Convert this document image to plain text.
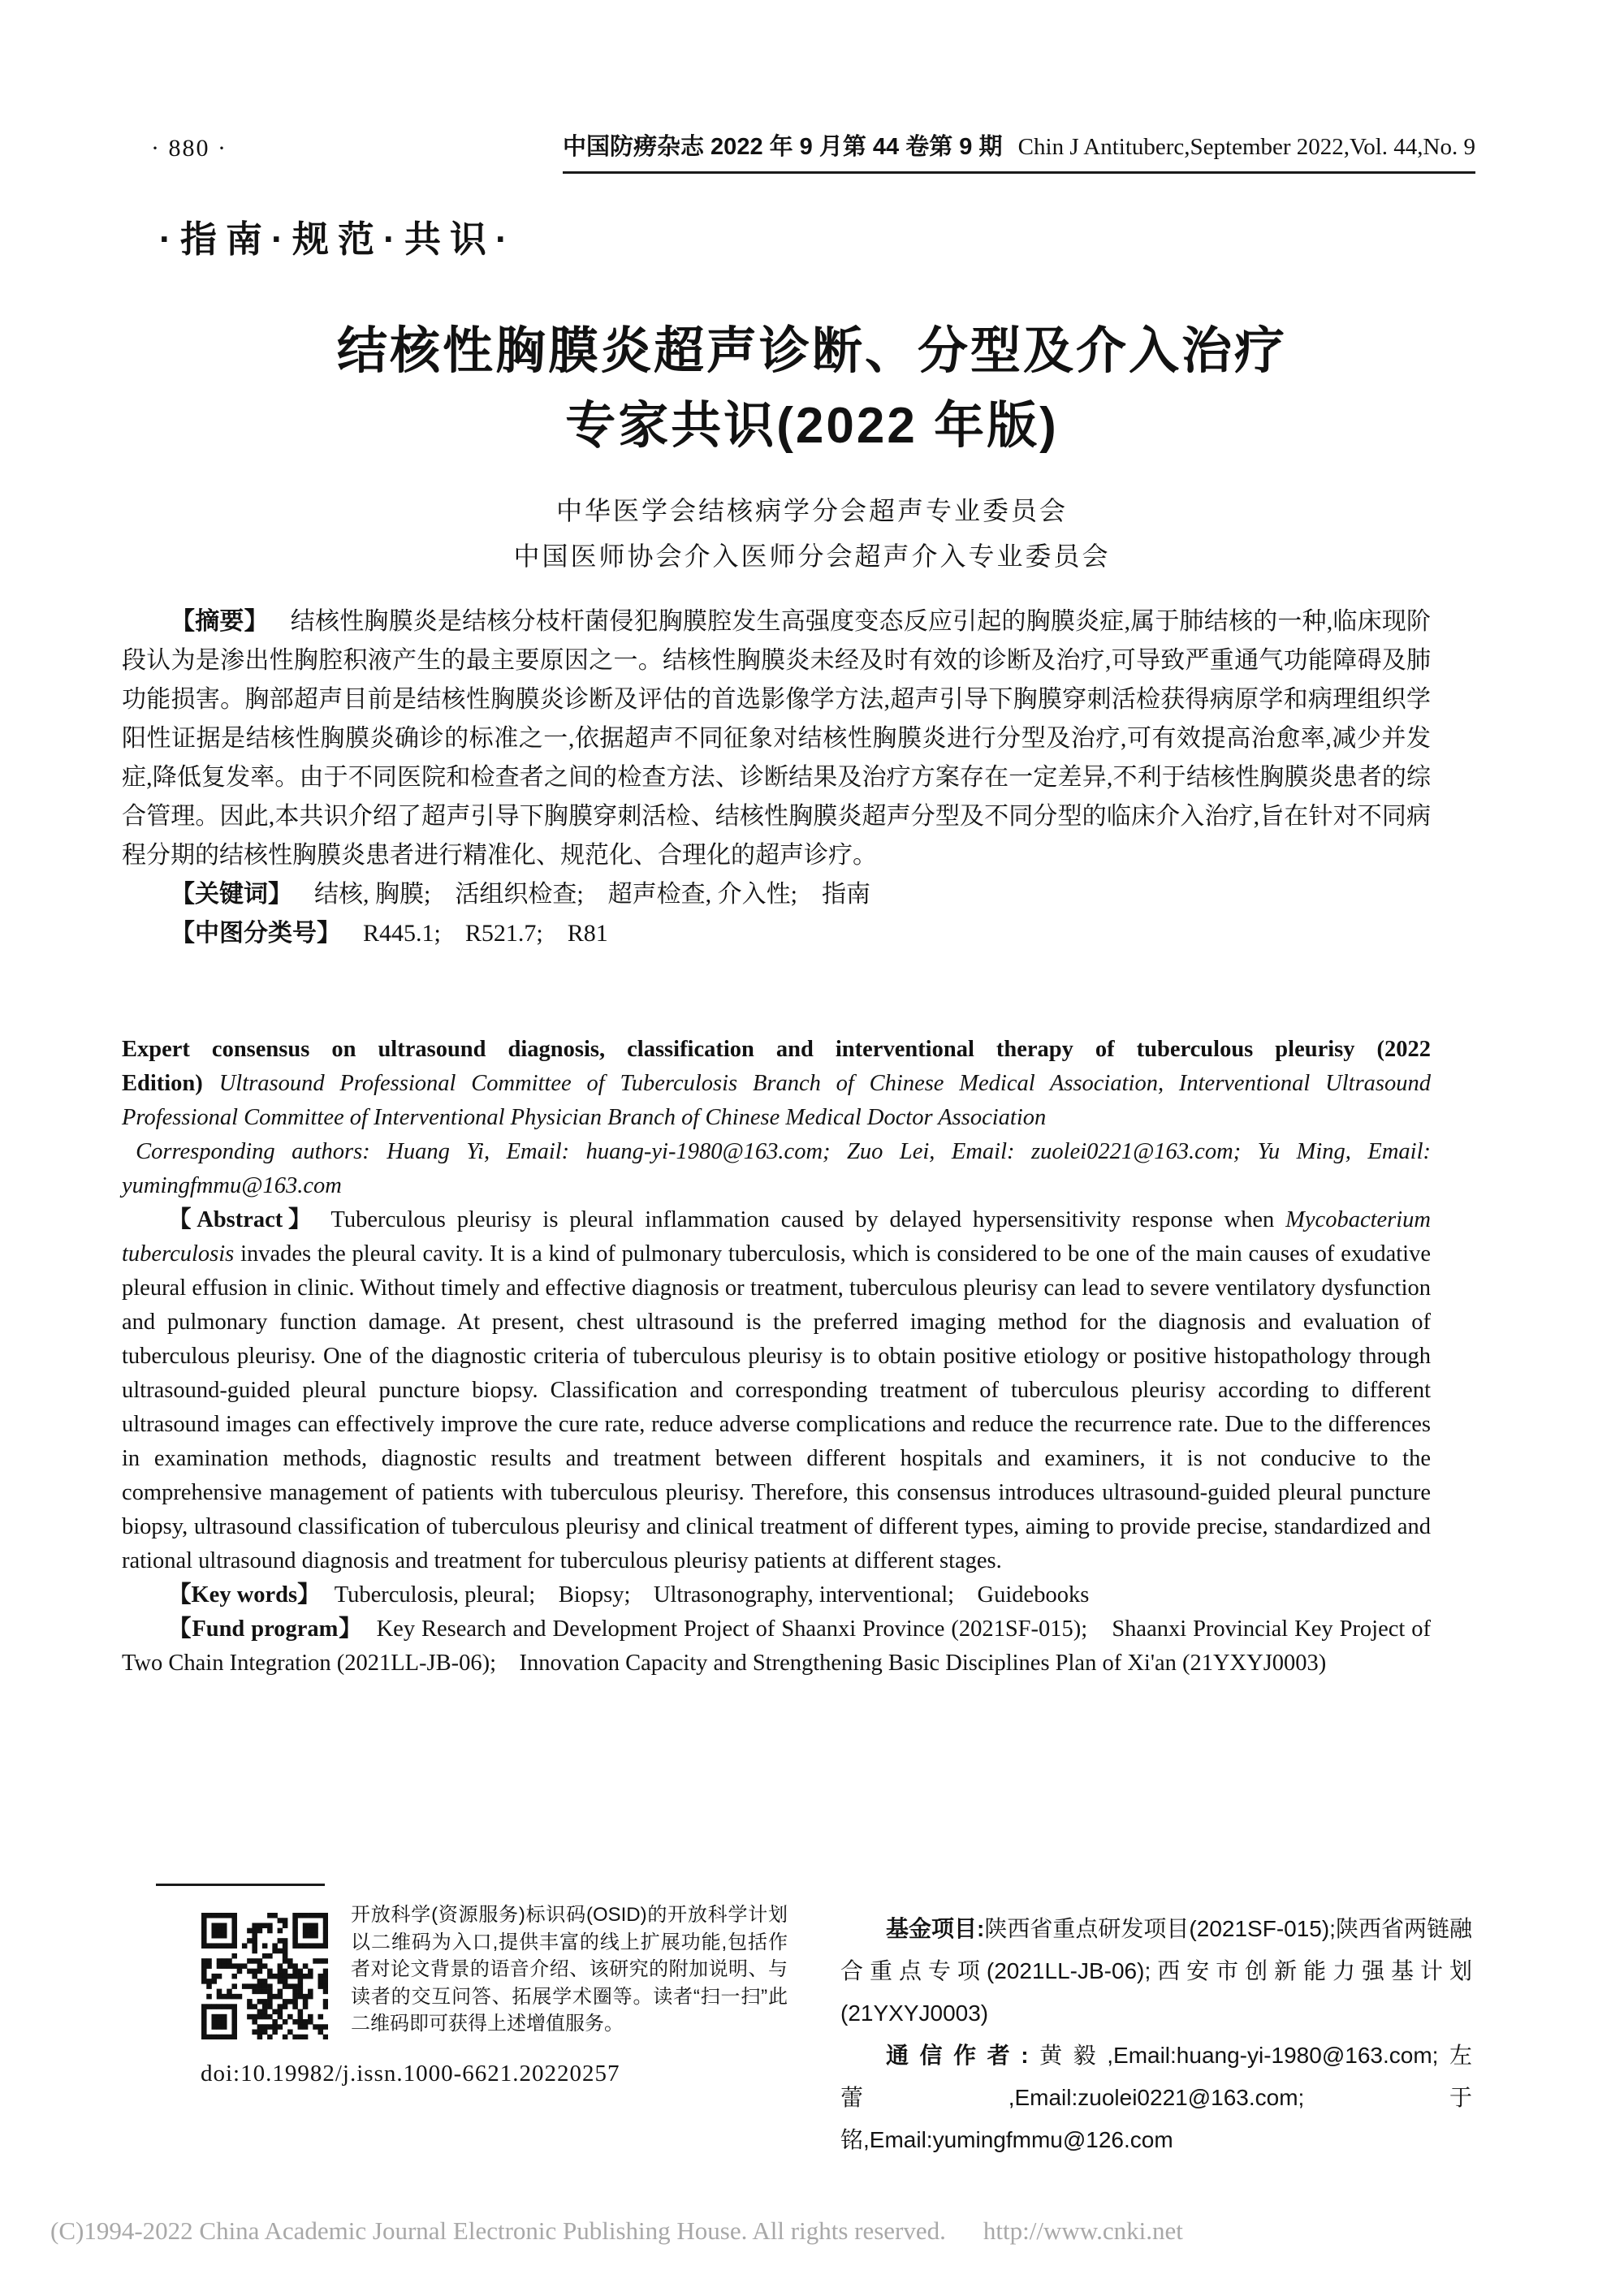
· 880 ·	中国防痨杂志 2022 年 9 月第 44 卷第 9 期 Chin J Antituberc,September 2022,Vol. 44,No. 9
·指南·规范·共识·
结核性胸膜炎超声诊断、分型及介入治疗
专家共识(2022 年版)
中华医学会结核病学分会超声专业委员会
中国医师协会介入医师分会超声介入专业委员会

【摘要】 结核性胸膜炎是结核分枝杆菌侵犯胸膜腔发生高强度变态反应引起的胸膜炎症,属于肺结核的一种,临床现阶段认为是渗出性胸腔积液产生的最主要原因之一。结核性胸膜炎未经及时有效的诊断及治疗,可导致严重通气功能障碍及肺功能损害。胸部超声目前是结核性胸膜炎诊断及评估的首选影像学方法,超声引导下胸膜穿刺活检获得病原学和病理组织学阳性证据是结核性胸膜炎确诊的标准之一,依据超声不同征象对结核性胸膜炎进行分型及治疗,可有效提高治愈率,减少并发症,降低复发率。由于不同医院和检查者之间的检查方法、诊断结果及治疗方案存在一定差异,不利于结核性胸膜炎患者的综合管理。因此,本共识介绍了超声引导下胸膜穿刺活检、结核性胸膜炎超声分型及不同分型的临床介入治疗,旨在针对不同病程分期的结核性胸膜炎患者进行精准化、规范化、合理化的超声诊疗。

【关键词】 结核, 胸膜;　活组织检查;　超声检查, 介入性;　指南

【中图分类号】 R445.1;　R521.7;　R81

Expert consensus on ultrasound diagnosis, classification and interventional therapy of tuberculous pleurisy (2022 Edition) Ultrasound Professional Committee of Tuberculosis Branch of Chinese Medical Association, Interventional Ultrasound Professional Committee of Interventional Physician Branch of Chinese Medical Doctor Association

Corresponding authors: Huang Yi, Email: huang-yi-1980@163.com; Zuo Lei, Email: zuolei0221@163.com; Yu Ming, Email: yumingfmmu@163.com

【Abstract】 Tuberculous pleurisy is pleural inflammation caused by delayed hypersensitivity response when Mycobacterium tuberculosis invades the pleural cavity. It is a kind of pulmonary tuberculosis, which is considered to be one of the main causes of exudative pleural effusion in clinic. Without timely and effective diagnosis or treatment, tuberculous pleurisy can lead to severe ventilatory dysfunction and pulmonary function damage. At present, chest ultrasound is the preferred imaging method for the diagnosis and evaluation of tuberculous pleurisy. One of the diagnostic criteria of tuberculous pleurisy is to obtain positive etiology or positive histopathology through ultrasound-guided pleural puncture biopsy. Classification and corresponding treatment of tuberculous pleurisy according to different ultrasound images can effectively improve the cure rate, reduce adverse complications and reduce the recurrence rate. Due to the differences in examination methods, diagnostic results and treatment between different hospitals and examiners, it is not conducive to the comprehensive management of patients with tuberculous pleurisy. Therefore, this consensus introduces ultrasound-guided pleural puncture biopsy, ultrasound classification of tuberculous pleurisy and clinical treatment of different types, aiming to provide precise, standardized and rational ultrasound diagnosis and treatment for tuberculous pleurisy patients at different stages.

【Key words】 Tuberculosis, pleural;　Biopsy;　Ultrasonography, interventional;　Guidebooks

【Fund program】 Key Research and Development Project of Shaanxi Province (2021SF-015);　Shaanxi Provincial Key Project of Two Chain Integration (2021LL-JB-06);　Innovation Capacity and Strengthening Basic Disciplines Plan of Xi'an (21YXYJ0003)

开放科学(资源服务)标识码(OSID)的开放科学计划以二维码为入口,提供丰富的线上扩展功能,包括作者对论文背景的语音介绍、该研究的附加说明、与读者的交互问答、拓展学术圈等。读者“扫一扫”此二维码即可获得上述增值服务。
doi:10.19982/j.issn.1000-6621.20220257

基金项目:陕西省重点研发项目(2021SF-015);陕西省两链融合重点专项(2021LL-JB-06);西安市创新能力强基计划(21YXYJ0003)

通信作者:黄毅,Email:huang-yi-1980@163.com;左蕾,Email:zuolei0221@163.com;于铭,Email:yumingfmmu@126.com

(C)1994-2022 China Academic Journal Electronic Publishing House. All rights reserved. http://www.cnki.net
